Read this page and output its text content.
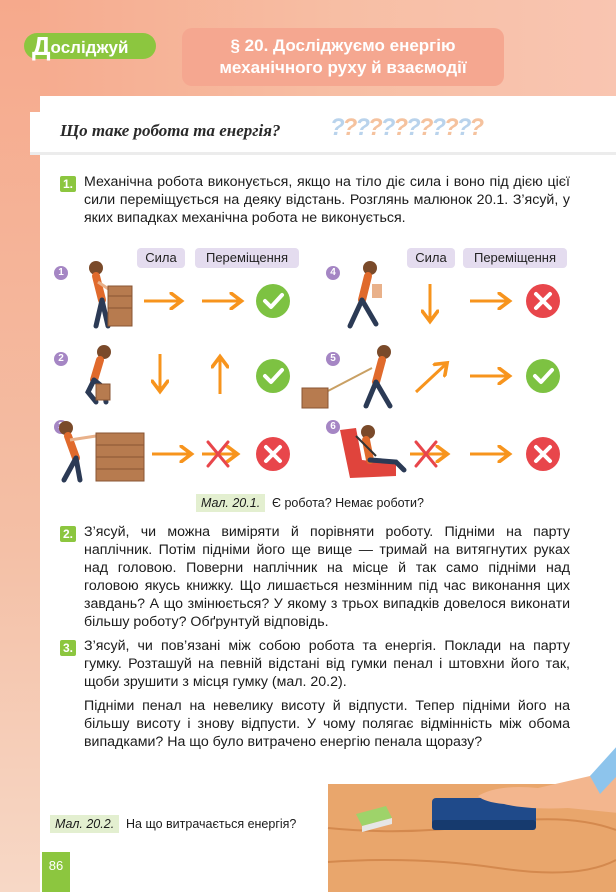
Досліджуй	§ 20. Досліджуємо енергію
механічного руху й взаємодії
Що таке робота та енергія? ????????????
1. Механічна робота виконується, якщо на тіло діє сила і воно під дією цієї сили переміщується на деяку відстань. Розглянь малюнок 20.1. З’ясуй, у яких випадках механічна робота не виконується.
Сила	Переміщення	Сила	Переміщення
1
2
4
5
6
Мал. 20.1. Є робота? Немає роботи?
2. З’ясуй, чи можна виміряти й порівняти роботу. Підніми на парту наплічник. Потім підніми його ще вище — тримай на витягнутих руках над головою. Поверни наплічник на місце й так само підніми над головою якусь книжку. Що лишається незмінним під час виконання цих завдань? А що змінюється? У якому з трьох випадків довелося виконати більшу роботу? Обґрунтуй відповідь.
3. З’ясуй, чи пов’язані між собою робота та енергія. Поклади на парту гумку. Розташуй на певній відстані від гумки пенал і штовхни його так, щоби зрушити з місця гумку (мал. 20.2).
Підніми пенал на невелику висоту й відпусти. Тепер підніми його на більшу висоту і знову відпусти. У чому полягає відмінність між обома випадками? На що було витрачено енергію пенала щоразу?
Мал. 20.2. На що витрачається енергія?
86
